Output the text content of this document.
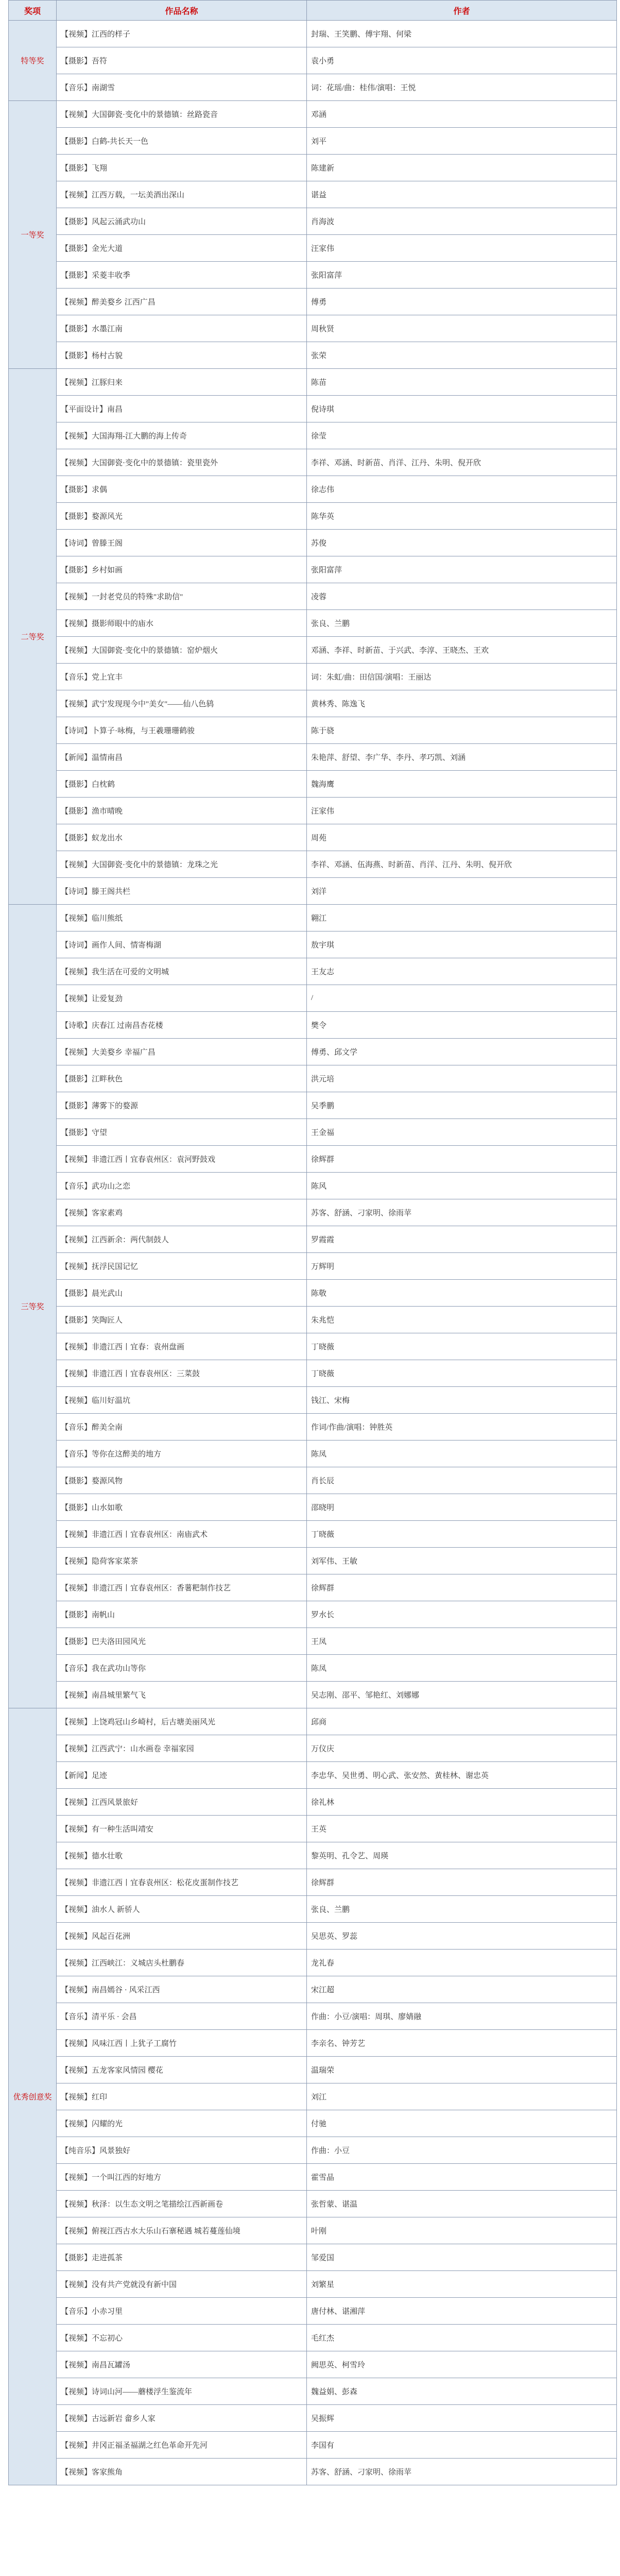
奖项	作品名称	作者
特等奖	【视频】江西的样子	封瑞、王笑鹏、傅宇翔、何梁
	【摄影】吾符	袁小勇
	【音乐】南湖雪	词：花瑶/曲：桂伟/演唱：王悦
一等奖	【视频】大国御瓷·变化中的景德镇：丝路瓷音	邓涵
	【摄影】白鹤-共长天一色	刘平
	【摄影】飞翔	陈建新
	【视频】江西万载，一坛美酒出深山	谌益
	【摄影】风起云涌武功山	肖海波
	【摄影】金光大道	汪家伟
	【摄影】采菱丰收季	张阳富萍
	【视频】醉美婺乡 江西广昌	傅勇
	【摄影】水墨江南	周秋贤
	【摄影】杨村古貌	张荣
二等奖	【视频】江豚归来	陈苗
	【平面设计】南昌	倪诗琪
	【视频】大国海翔-江大鹏的海上传奇	徐莹
	【视频】大国御瓷·变化中的景德镇：瓷里瓷外	李祥、邓涵、时新苗、肖洋、江丹、朱明、倪开欣
	【摄影】求偶	徐志伟
	【摄影】婺源风光	陈华英
	【诗词】曾滕王阁	苏俊
	【摄影】乡村如画	张阳富萍
	【视频】一封老党员的特殊"求助信"	凌蓉
	【视频】摄影师眼中的庙水	张良、兰鹏
	【视频】大国御瓷·变化中的景德镇：窑炉烟火	邓涵、李祥、时新苗、于兴武、李淳、王晓杰、王欢
	【音乐】党上宜丰	词：朱虹/曲：田信国/演唱：王丽达
	【视频】武宁发现现今中"美女"——仙八色鸫	黄林秀、陈逸飞
	【诗词】卜算子·咏梅，与王羲珊珊鹤骏	陈于骁
	【新闻】温情南昌	朱艳萍、舒望、李广华、李丹、孝巧凯、刘涵
	【摄影】白枕鹤	魏海鹰
	【摄影】渔市晴晚	汪家伟
	【摄影】蚁龙出水	周苑
	【视频】大国御瓷·变化中的景德镇：龙珠之光	李祥、邓涵、伍海燕、时新苗、肖洋、江丹、朱明、倪开欣
	【诗词】滕王阁共栏	刘洋
三等奖	【视频】临川熊纸	翱江
	【诗词】画作人间、情寄梅湖	敖宇琪
	【视频】我生活在可爱的文明城	王友志
	【视频】让爱复劲	/
	【诗歌】庆春江 过南昌杏花楼	樊令
	【视频】大美婺乡 幸福广昌	傅勇、邱文学
	【摄影】江畔秋色	洪元培
	【摄影】薄雾下的婺源	吴季鹏
	【摄影】守望	王金福
	【视频】非遗江西丨宜春袁州区：袁河野鼓戏	徐辉群
	【音乐】武功山之恋	陈风
	【视频】客家素鸡	苏客、舒涵、刁家明、徐雨苹
	【视频】江西新余：两代制鼓人	罗霞霞
	【视频】抚浮民国记忆	万辉明
	【摄影】晨光武山	陈敬
	【摄影】笑陶匠人	朱兆恺
	【视频】非遗江西丨宜春：袁州盘画	丁晓薇
	【视频】非遗江西丨宜春袁州区：三菜鼓	丁晓薇
	【视频】临川好温坑	钱江、宋梅
	【音乐】醉美全南	作词/作曲/演唱：钟胜英
	【音乐】等你在这醉美的地方	陈凤
	【摄影】婺源风物	肖长辰
	【摄影】山水如歌	邵晓明
	【视频】非遗江西丨宜春袁州区：南庙武术	丁晓薇
	【视频】隐荷客家菜茶	刘军伟、王敏
	【视频】非遗江西丨宜春袁州区：香薯粑制作技艺	徐辉群
	【摄影】南帆山	罗水长
	【摄影】巴夫洛田园风光	王凤
	【音乐】我在武功山等你	陈凤
	【视频】南昌城里繁气飞	吴志刚、邵平、邹艳红、刘娜娜
优秀创意奖	【视频】上饶鸡冠山乡崎村，后古塘美丽风光	邱商
	【视频】江西武宁：山水画卷 幸福家园	万仪庆
	【新闻】足迹	李忠华、吴世勇、明心武、张安然、黄桂林、谢忠英
	【视频】江西风景旅好	徐礼林
	【视频】有一种生活叫靖安	王英
	【视频】德水壮歌	黎英明、孔令艺、周瑛
	【视频】非遗江西丨宜春袁州区：松花皮蛋制作技艺	徐辉群
	【视频】油水人 新骄人	张良、兰鹏
	【视频】风起百花洲	吴思英、罗蕊
	【视频】江西峡江：义城店头杜鹏春	龙礼春
	【视频】南昌嫣谷 · 风采江西	宋江超
	【音乐】清平乐 · 会昌	作曲：小豆/演唱：周琪、廖婧融
	【视频】风味江西丨上犹子工腐竹	李亲名、钟芳艺
	【视频】五龙客家风情园 樱花	温瑞荣
	【视频】红印	刘江
	【视频】闪耀的光	付驰
	【纯音乐】风景独好	作曲：小豆
	【视频】一个叫江西的好地方	霍雪晶
	【视频】秋泽：以生态文明之笔描绘江西新画卷	张哲蒙、谌温
	【视频】俯视江西古水大乐山石寨秘遇 城若蔓莲仙境	叶刚
	【摄影】走进孤茶	邹爱国
	【视频】没有共产党就没有新中国	刘繁星
	【音乐】小赤习里	唐付林、谌湘萍
	【视频】不忘初心	毛红杰
	【视频】南昌瓦罐汤	阙思英、柯雪玲
	【视频】诗词山河——蘑楼浮生鉴流年	魏益娟、彭森
	【视频】古远新岩 畲乡人家	吴振辉
	【视频】井冈正福圣福湖之红色革命开先河	李国有
	【视频】客家熊角	苏客、舒涵、刁家明、徐雨苹
